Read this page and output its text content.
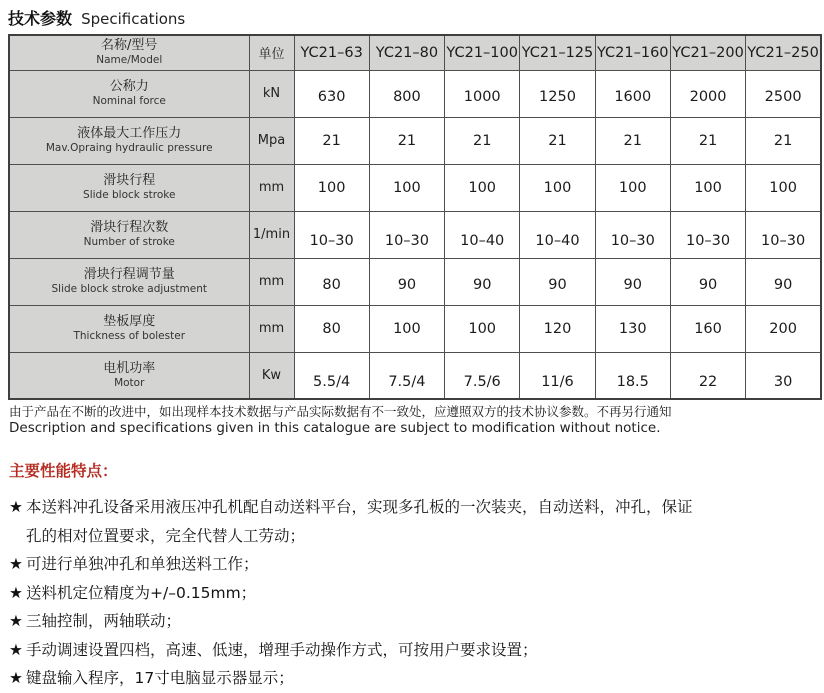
技术参数 Specifications
名称/型号
Name/Model	单位	YC21–63	YC21–80	YC21–100	YC21–125	YC21–160	YC21–200	YC21–250

公称力
Nominal force	kN	630	800	1000	1250	1600	2000	2500

液体最大工作压力
Mav.Opraing hydraulic pressure	Mpa	21	21	21	21	21	21	21

滑块行程
Slide block stroke	mm	100	100	100	100	100	100	100

滑块行程次数
Number of stroke	1/min	10–30	10–30	10–40	10–40	10–30	10–30	10–30

滑块行程调节量
Slide block stroke adjustment	mm	80	90	90	90	90	90	90

垫板厚度
Thickness of bolester	mm	80	100	100	120	130	160	200

电机功率
Motor	Kw	5.5/4	7.5/4	7.5/6	11/6	18.5	22	30
由于产品在不断的改进中，如出现样本技术数据与产品实际数据有不一致处，应遵照双方的技术协议参数。不再另行通知
Description and specifications given in this catalogue are subject to modification without notice.
主要性能特点：
★ 本送料冲孔设备采用液压冲孔机配自动送料平台，实现多孔板的一次装夹，自动送料，冲孔，保证
孔的相对位置要求，完全代替人工劳动；
★ 可进行单独冲孔和单独送料工作；
★ 送料机定位精度为+/–0.15mm；
★ 三轴控制，两轴联动；
★ 手动调速设置四档，高速、低速，增理手动操作方式，可按用户要求设置；
★ 键盘输入程序，17寸电脑显示器显示；
